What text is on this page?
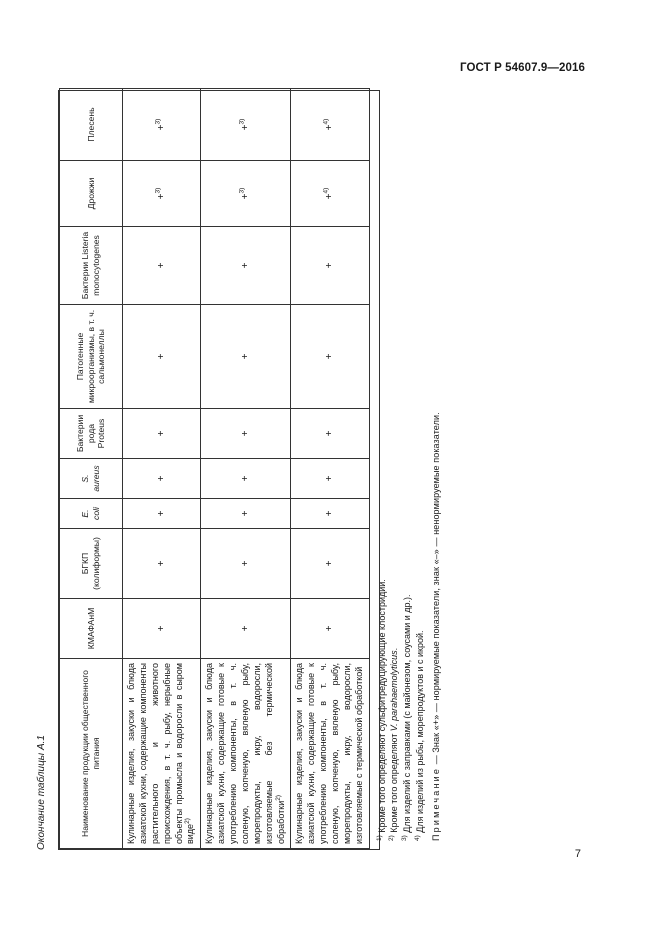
ГОСТ Р 54607.9—2016
Окончание таблицы А.1	Наименование продукции общественного питания	КМАФАнМ	БГКП (колиформы)	E. coli	S. aureus	Бактерии рода Proteus	Патогенные микроорганизмы, в т. ч. сальмонеллы	Бактерии Listeria monocytogenes	Дрожжи	Плесень
Кулинарные изделия, закуски и блюда азиатской кухни, содержащие компоненты растительного и животного происхождения, в т. ч. рыбу, нерыбные объекты промысла и водоросли в сыром виде$^{2)}$	+	+	+	+	+	+	+	+$^{3)}$	+$^{3)}$
Кулинарные изделия, закуски и блюда азиатской кухни, содержащие готовые к употреблению компоненты, в т. ч. соленую, копченую, вяленую рыбу, морепродукты, икру, водоросли, изготовляемые без термической обработки$^{2)}$	+	+	+	+	+	+	+	+$^{3)}$	+$^{3)}$
Кулинарные изделия, закуски и блюда азиатской кухни, содержащие готовые к употреблению компоненты, в т. ч. соленую, копченую, вяленую рыбу, морепродукты, икру, водоросли, изготовляемые с термической обработкой	+	+	+	+	+	+	+	+$^{4)}$	+$^{4)}$
$^{1)}$ Кроме того определяют сульфитредуцирующие клостридии.
$^{2)}$ Кроме того определяют V. parahaemolyticus.
$^{3)}$ Для изделий с заправками (с майонезом, соусами и др.).
$^{4)}$ Для изделий из рыбы, морепродуктов и с икрой. Примечание — Знак «+» — нормируемые показатели, знак «–» — ненормируемые показатели.
7
